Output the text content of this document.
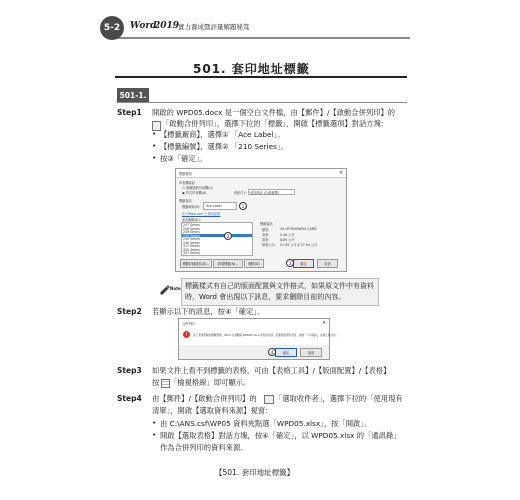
5-2	Word
2019
實力養成暨評量解題秘笈
501. 套印地址標籤
501-1.
Step1 開啟的 WPD05.docx 是一個空白文件檔，由【郵件】/【啟動合併列印】的
「啟動合併列印」，選擇下拉的「標籤」，開啟【標籤選項】對話方塊：
• 【標籤廠商】，選擇① 「Ace Label」。
• 【標籤編號】，選擇② 「210 Series」。
• 按③「確定」。
標籤選項	×
印表機資訊
○ 連續進紙印表機(C)
◉ 頁式印表機(A)	紙匣(T): 預設紙匣 (自動選擇)
標籤資訊
標籤廠商(V): Ace Label	1
在 Office.com 上尋找更新
產品編號(U):
207 Series
208 Series
209 Series
210 Series
230 Series
240 Series
317 Series
345 Series
357 Series
2
標籤資訊
類型:	30-UP BUSINESS CARD
高度:	5.08 公分
寬度:	8.89 公分
紙張大小: 21.59 公分 X 27.94 公分
標籤詳細資料(D)...	新增標籤(N)...	刪除(D)	確定
3	取消
Note 標籤樣式有自己的版面配置與文件格式，如果原文件中有資料
時，Word 會出現以下訊息，要求刪除目前的內容。
Step2 若顯示以下的訊息，按④「確定」。
合併列印	×
!	為了套用選取的標籤選項，Word 必須刪除 WPD05.docx 原有的內容。若要保留現有內容，請按一下 [取消]，並建立新文件。
確定
4	取消
Step3 如果文件上看不到標籤的表格，可由【表格工具】/【版面配置】/【表格】
按 「檢視格線」即可顯示。
Step4 由【郵件】/【啟動合併列印】的	「選取收件者」，選擇下拉的「使用現有
清單」，開啟【選取資料來源】視窗：
• 由 C:\ANS.csf\WP05 資料夾點選「WPD05.xlsx」，按「開啟」。
• 開啟【選取表格】對話方塊，按④「確定」，以 WPD05.xlsx 的「通訊錄」
作為合併列印的資料來源。
【501. 套印地址標籤】
